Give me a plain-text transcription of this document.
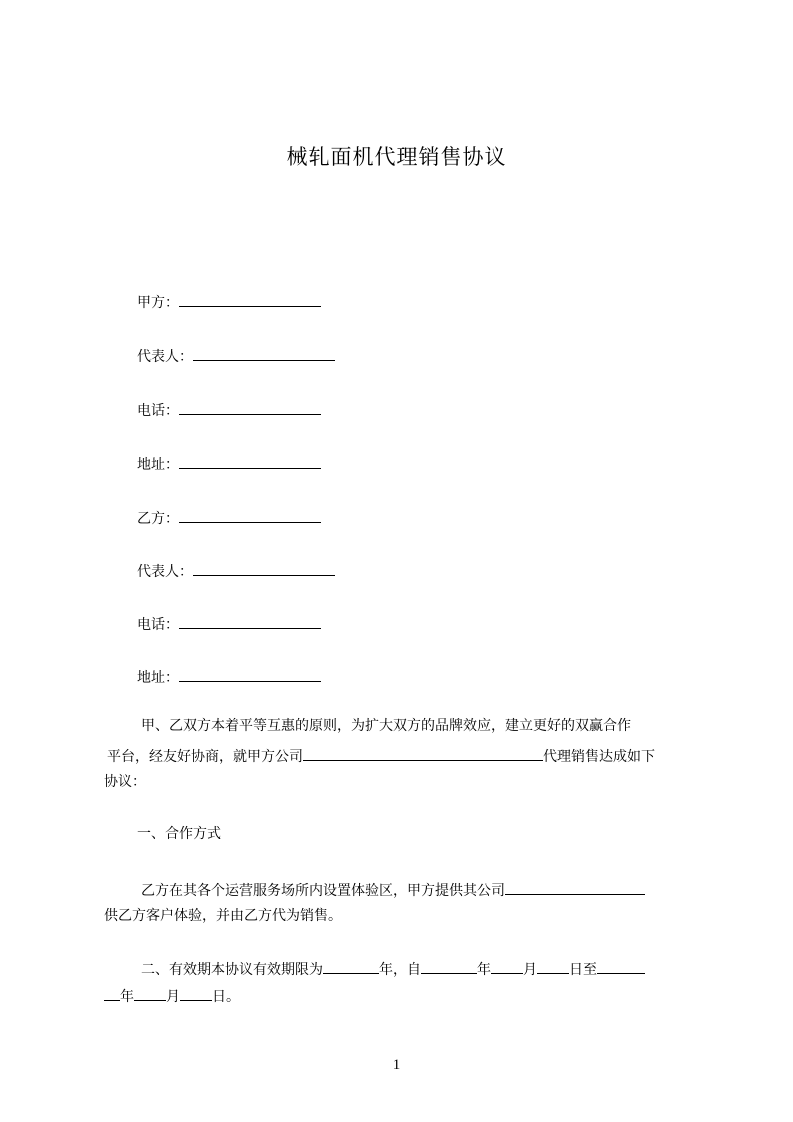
械轧面机代理销售协议
甲方：
代表人：
电话：
地址：
乙方：
代表人：
电话：
地址：
甲、乙双方本着平等互惠的原则，为扩大双方的品牌效应，建立更好的双赢合作
平台，经友好协商，就甲方公司	代理销售达成如下
协议：
一、合作方式
乙方在其各个运营服务场所内设置体验区，甲方提供其公司
供乙方客户体验，并由乙方代为销售。
二、有效期本协议有效期限为	年，自	年 月 日至
年 月 日。
1
